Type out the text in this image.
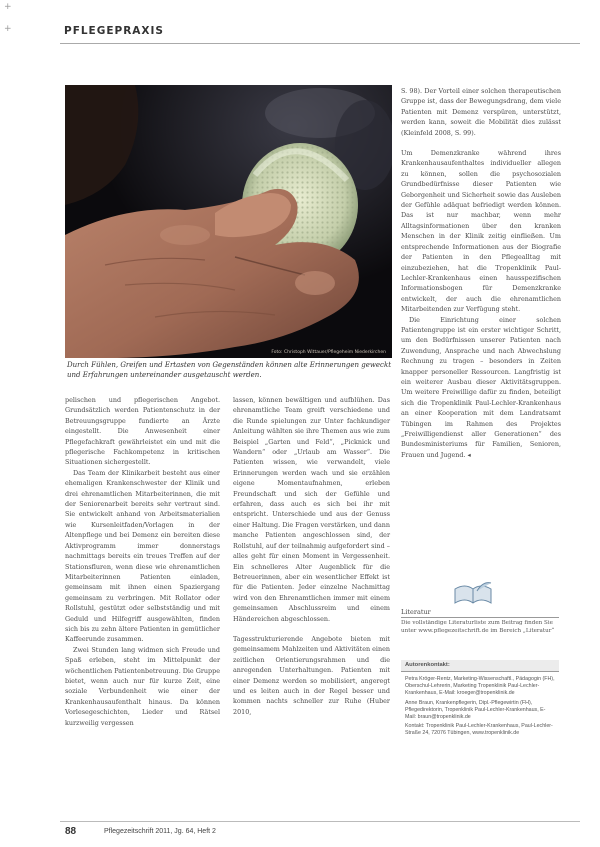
+
+	PFLEGEPRAXIS
Foto: Christoph Wittauer/Pflegeheim Niederkirchen
Durch Fühlen, Greifen und Ertasten von Gegenständen können alte Erinnerungen geweckt und Erfahrungen untereinander ausgetauscht werden.

pelischen und pflegerischen Angebot. Grundsätzlich werden Patientenschutz in der Betreuungsgruppe fundierte an Ärzte eingestellt. Die Anwesenheit einer Pflegefachkraft gewährleistet ein und mit die pflegerische Fachkompetenz in kritischen Situationen sichergestellt.

Das Team der Klinikarbeit besteht aus einer ehemaligen Krankenschwester der Klinik und drei ehrenamtlichen Mitarbeiterinnen, die mit der Seniorenarbeit bereits sehr vertraut sind. Sie entwickelt anhand von Arbeitsmaterialien wie Kursenleitfaden/Vorlagen in der Altenpflege und bei Demenz ein bereiten diese Aktivprogramm immer donnerstags nachmittags bereits ein treues Treffen auf der Stationsfluren, wenn diese wie ehrenamtlichen Mitarbeiterinnen Patienten einladen, gemeinsam mit ihnen einen Spaziergang gemeinsam zu verbringen. Mit Rollator oder Rollstuhl, gestützt oder selbstständig und mit Geduld und Hilfegriff ausgewählten, finden sich bis zu zehn ältere Patienten in gemütlicher Kaffeerunde zusammen.

Zwei Stunden lang widmen sich Freude und Spaß erleben, steht im Mittelpunkt der wöchentlichen Patientenbetreuung. Die Gruppe bietet, wenn auch nur für kurze Zeit, eine soziale Verbundenheit wie einer der Krankenhausaufenthalt hinaus. Da können Vorlesegeschichten, Lieder und Rätsel kurzweilig vergessen

lassen, können bewältigen und aufblühen. Das ehrenamtliche Team greift verschiedene und die Runde spielungen zur Unter fachkundiger Anleitung wählten sie ihre Themen aus wie zum Beispiel „Garten und Feld“, „Picknick und Wandern“ oder „Urlaub am Wasser“. Die Patienten wissen, wie verwandelt, viele Erinnerungen werden wach und sie erzählen eigene Momentaufnahmen, erleben Freundschaft und sich der Gefühle und erfahren, dass auch es sich bei ihr mit entspricht. Unterschiede und aus der Genuss einer Haltung. Die Fragen verstärken, und dann manche Patienten angeschlossen sind, der Rollstuhl, auf der teilnahmig aufgefordert sind – alles geht für einen Moment in Vergessenheit. Ein schnelleres Alter Augenblick für die Betreuerinnen, aber ein wesentlicher Effekt ist für die Patienten. Jeder einzelne Nachmittag wird von den Ehrenamtlichen immer mit einem gemeinsamen Abschlussreim und einem Händereichen abgeschlossen.

Tagesstrukturierende Angebote bieten mit gemeinsamem Mahlzeiten und Aktivitäten einen zeitlichen Orientierungsrahmen und die anregenden Unterhaltungen. Patienten mit einer Demenz werden so mobilisiert, angeregt und es leiten auch in der Regel besser und kommen nachts schneller zur Ruhe (Huber 2010,

S. 98). Der Vorteil einer solchen therapeutischen Gruppe ist, dass der Bewegungsdrang, dem viele Patienten mit Demenz verspüren, unterstützt, werden kann, soweit die Mobilität dies zulässt (Kleinfeld 2008, S. 99).

Um Demenzkranke während ihres Krankenhausaufenthaltes individueller allegen zu können, sollen die psychosozialen Grundbedürfnisse dieser Patienten wie Geborgenheit und Sicherheit sowie das Ausleben der Gefühle adäquat befriedigt werden können. Das ist nur machbar, wenn mehr Alltagsinformationen über den kranken Menschen in der Klinik zeitig einfließen. Um entsprechende Informationen aus der Biografie der Patienten in den Pflegealltag mit einzubeziehen, hat die Tropenklinik Paul-Lechler-Krankenhaus einen hausspezifischen Informationsbogen für Demenzkranke entwickelt, der auch die ehrenamtlichen Mitarbeitenden zur Verfügung steht.

Die Einrichtung einer solchen Patientengruppe ist ein erster wichtiger Schritt, um den Bedürfnissen unserer Patienten nach Zuwendung, Ansprache und nach Abwechslung Rechnung zu tragen – besonders in Zeiten knapper personeller Ressourcen. Langfristig ist ein weiterer Ausbau dieser Aktivitätsgruppen. Um weitere Freiwillige dafür zu finden, beteiligt sich die Tropenklinik Paul-Lechler-Krankenhaus an einer Kooperation mit dem Landratsamt Tübingen im Rahmen des Projektes „Freiwilligendienst aller Generationen“ des Bundesministeriums für Familien, Senioren, Frauen und Jugend. ◂

Literatur
Die vollständige Literaturliste zum Beitrag finden Sie unter www.pflegezeitschrift.de im Bereich „Literatur“
Autorenkontakt:

Petra Kröger-Rentz, Marketing-Wissenschaftl., Pädagogin (FH), Oberschul-Lehrerin, Marketing Tropenklinik Paul-Lechler-Krankenhaus, E-Mail: kroeger@tropenklinik.de

Anne Braun, Krankenpflegerin, Dipl.-Pflegewirtin (FH), Pflegedirektorin, Tropenklinik Paul-Lechler-Krankenhaus, E-Mail: braun@tropenklinik.de

Kontakt: Tropenklinik Paul-Lechler-Krankenhaus, Paul-Lechler-Straße 24, 72076 Tübingen, www.tropenklinik.de

88	Pflegezeitschrift 2011, Jg. 64, Heft 2
